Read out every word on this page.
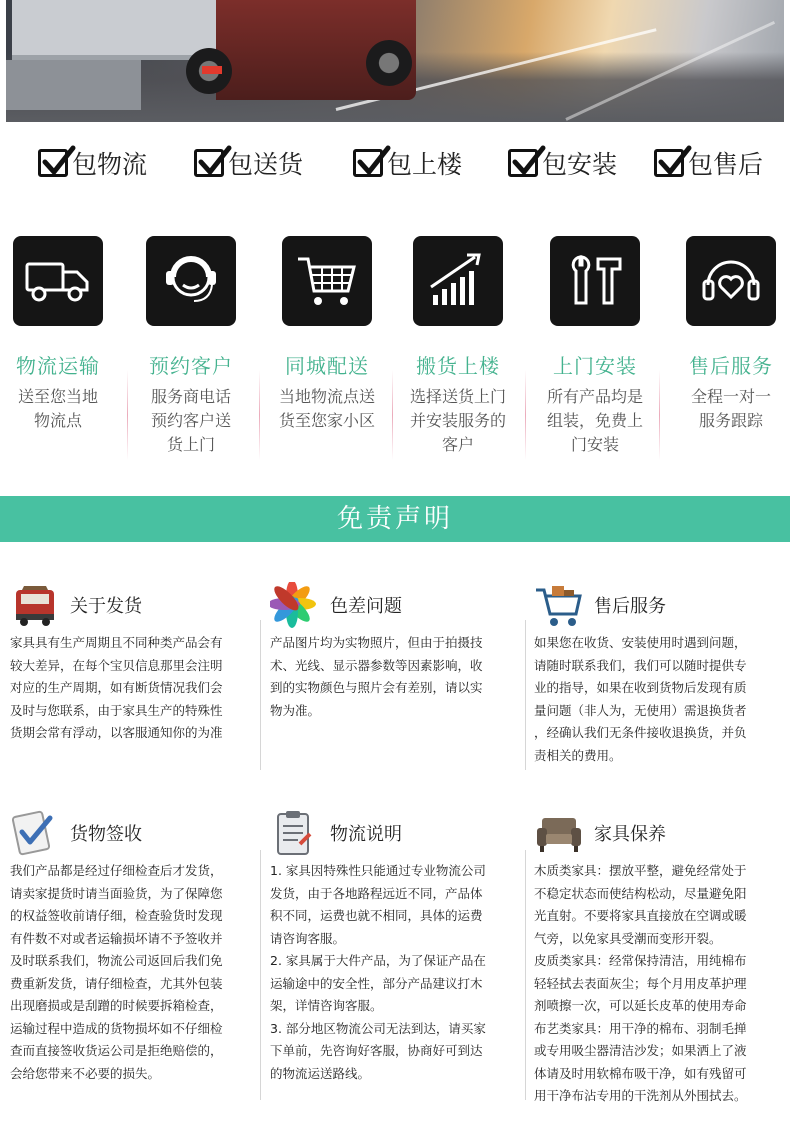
包物流	包送货	包上楼	包安装	包售后
物流运输
送至您当地
物流点
预约客户
服务商电话
预约客户送
货上门
同城配送
当地物流点送
货至您家小区
搬货上楼
选择送货上门
并安装服务的
客户
上门安装
所有产品均是
组装，免费上
门安装
售后服务
全程一对一
服务跟踪
免责声明
关于发货
家具具有生产周期且不同种类产品会有
较大差异，在每个宝贝信息那里会注明
对应的生产周期，如有断货情况我们会
及时与您联系，由于家具生产的特殊性
货期会常有浮动，以客服通知你的为准
色差问题
产品图片均为实物照片，但由于拍摄技
术、光线、显示器参数等因素影响，收
到的实物颜色与照片会有差别，请以实
物为准。
售后服务
如果您在收货、安装使用时遇到问题，
请随时联系我们，我们可以随时提供专
业的指导，如果在收到货物后发现有质
量问题（非人为，无使用）需退换货者
，经确认我们无条件接收退换货，并负
责相关的费用。
货物签收
我们产品都是经过仔细检查后才发货，
请卖家提货时请当面验货，为了保障您
的权益签收前请仔细，检查验货时发现
有件数不对或者运输损坏请不予签收并
及时联系我们，物流公司返回后我们免
费重新发货，请仔细检查，尤其外包装
出现磨损或是刮蹭的时候要拆箱检查，
运输过程中造成的货物损坏如不仔细检
查而直接签收货运公司是拒绝赔偿的，
会给您带来不必要的损失。
物流说明
1. 家具因特殊性只能通过专业物流公司
发货，由于各地路程远近不同，产品体
积不同，运费也就不相同，具体的运费
请咨询客服。
2. 家具属于大件产品，为了保证产品在
运输途中的安全性，部分产品建议打木
架，详情咨询客服。
3. 部分地区物流公司无法到达，请买家
下单前，先咨询好客服，协商好可到达
的物流运送路线。
家具保养
木质类家具：摆放平整，避免经常处于
不稳定状态而使结构松动，尽量避免阳
光直射。不要将家具直接放在空调或暖
气旁，以免家具受潮而变形开裂。
皮质类家具：经常保持清洁，用纯棉布
轻轻拭去表面灰尘；每个月用皮革护理
剂喷擦一次，可以延长皮革的使用寿命
布艺类家具：用干净的棉布、羽制毛掸
或专用吸尘器清洁沙发；如果洒上了液
体请及时用软棉布吸干净，如有残留可
用干净布沾专用的干洗剂从外围拭去。
